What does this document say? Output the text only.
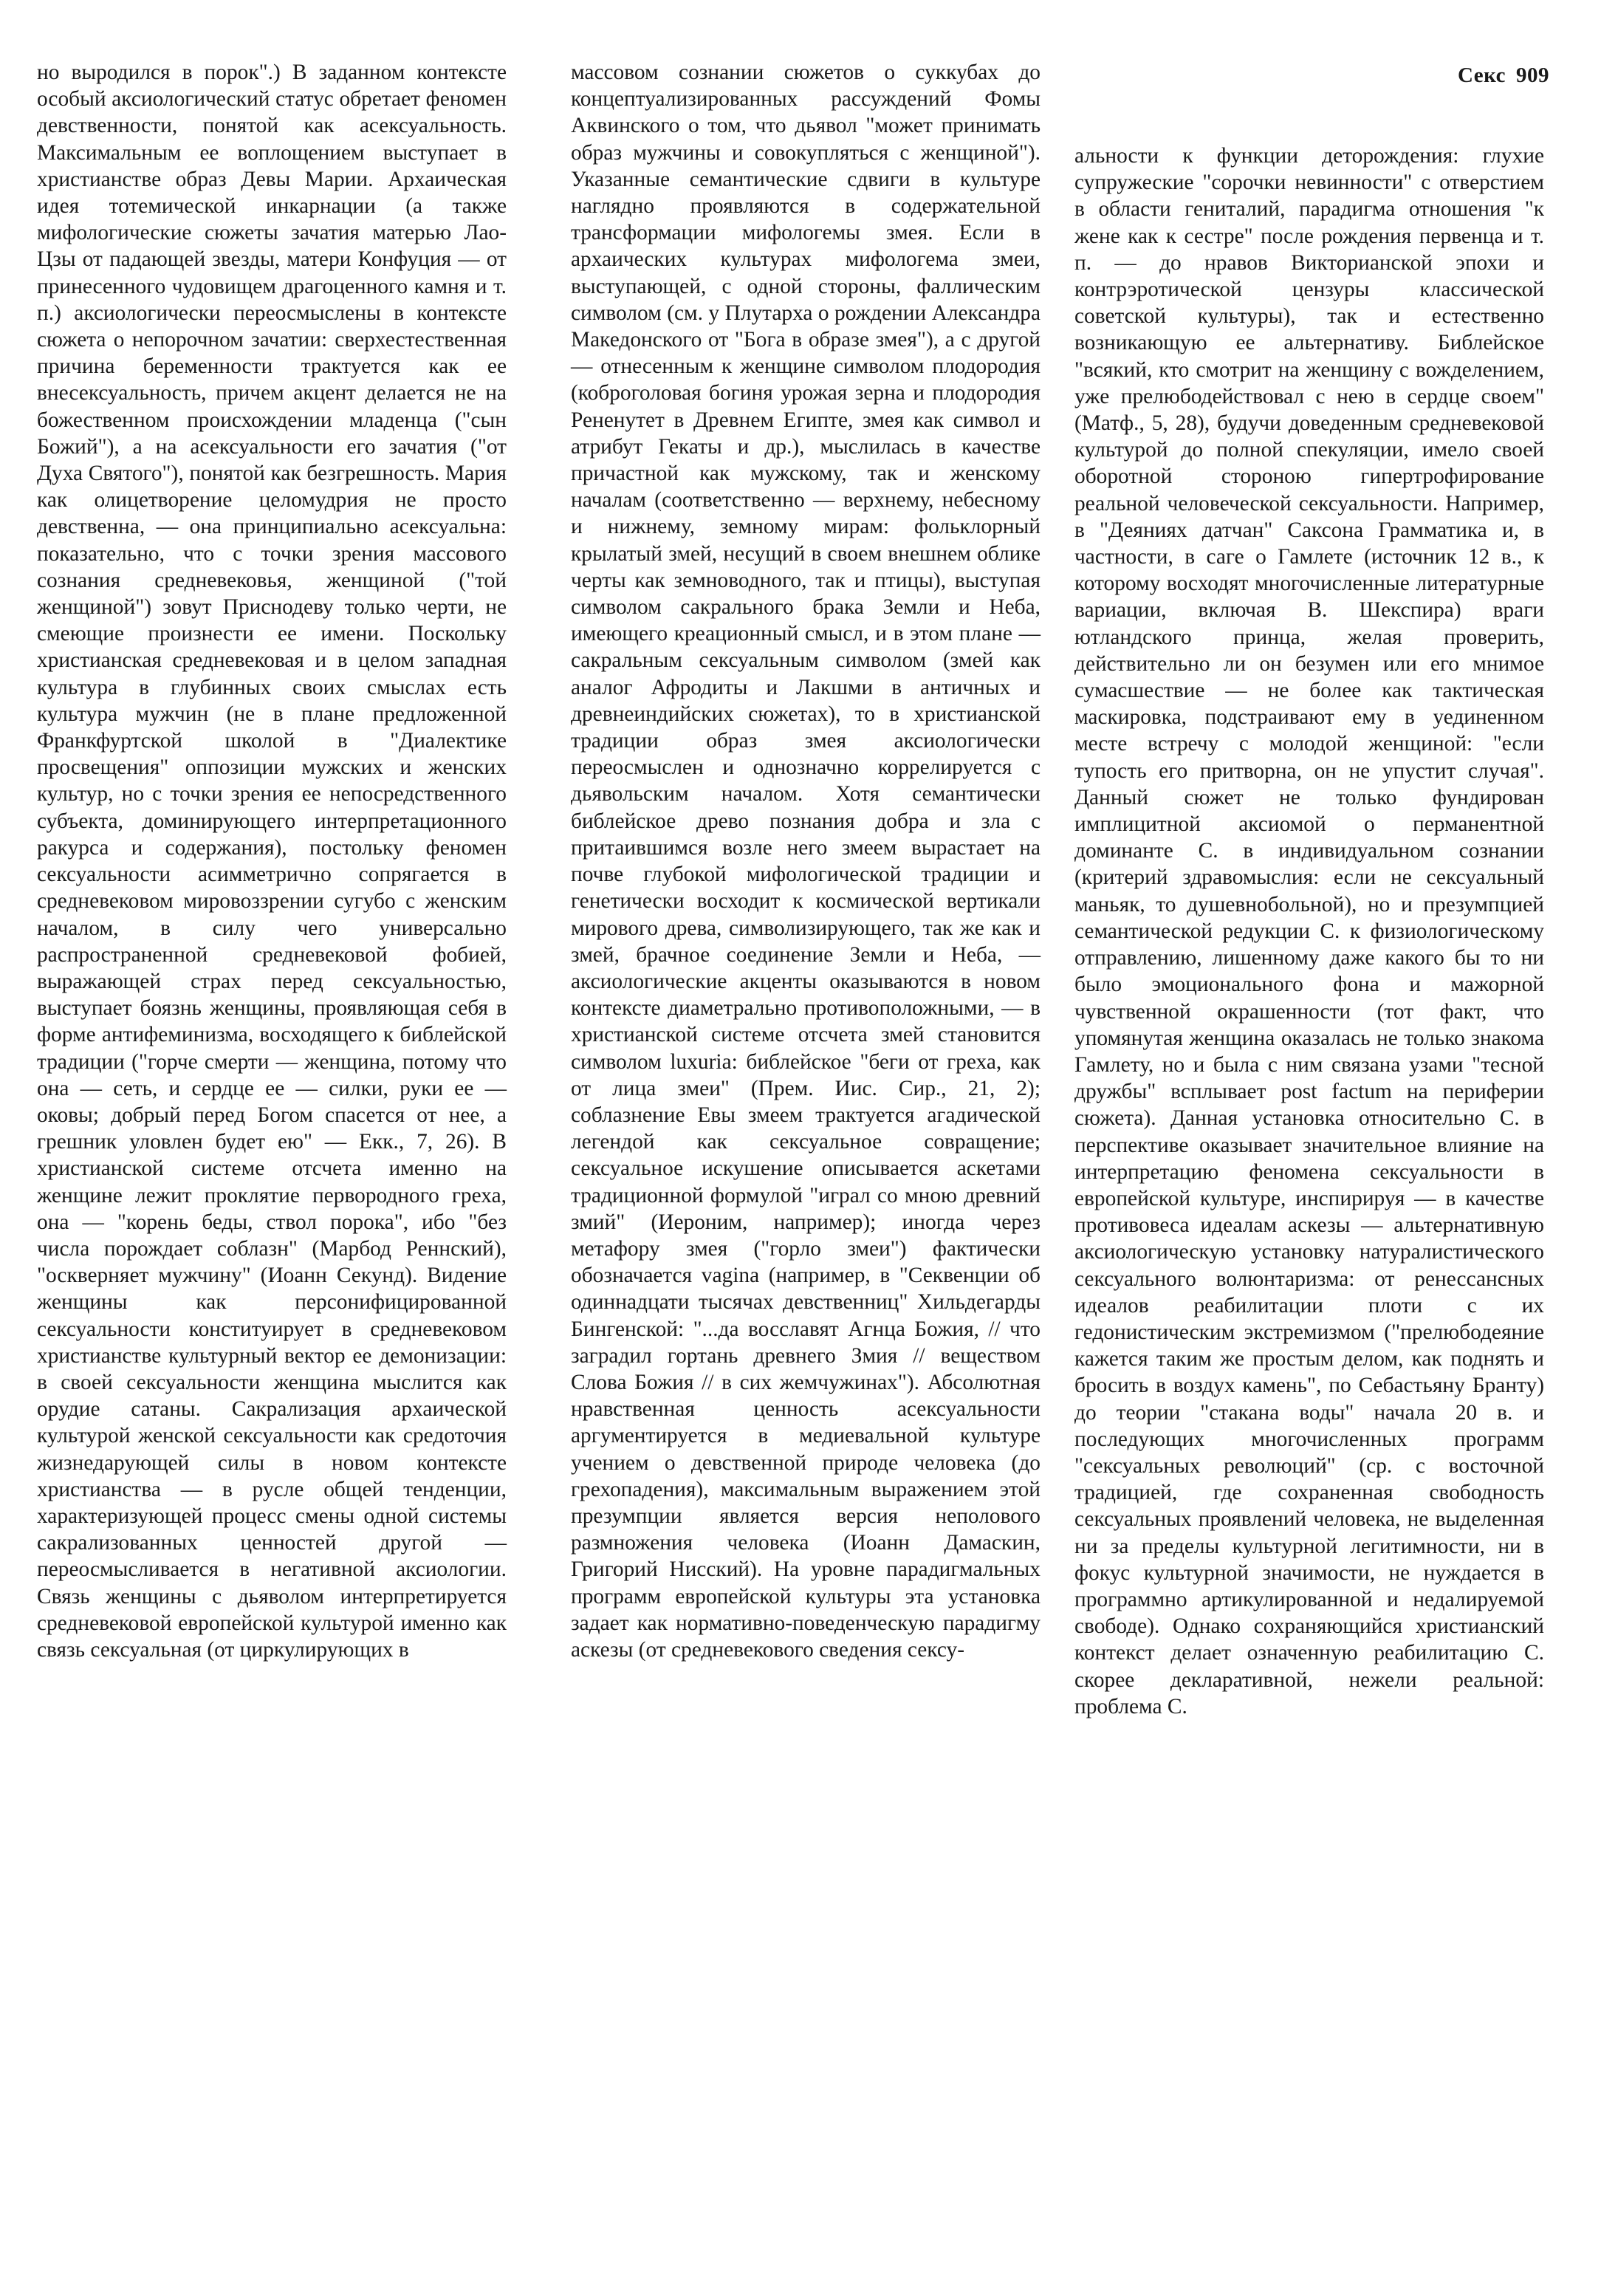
Секс 909

но выродился в порок".) В заданном контексте особый аксиологический статус обретает феномен девственности, понятой как асексуальность. Максимальным ее воплощением выступает в христианстве образ Девы Марии. Архаическая идея тотемической инкарнации (а также мифологические сюжеты зачатия матерью Лао-Цзы от падающей звезды, матери Конфуция — от принесенного чудовищем драгоценного камня и т. п.) аксиологически переосмыслены в контексте сюжета о непорочном зачатии: сверхестественная причина беременности трактуется как ее внесексуальность, причем акцент делается не на божественном происхождении младенца ("сын Божий"), а на асексуальности его зачатия ("от Духа Святого"), понятой как безгрешность. Мария как олицетворение целомудрия не просто девственна, — она принципиально асексуальна: показательно, что с точки зрения массового сознания средневековья, женщиной ("той женщиной") зовут Приснодеву только черти, не смеющие произнести ее имени. Поскольку христианская средневековая и в целом западная культура в глубинных своих смыслах есть культура мужчин (не в плане предложенной Франкфуртской школой в "Диалектике просвещения" оппозиции мужских и женских культур, но с точки зрения ее непосредственного субъекта, доминирующего интерпретационного ракурса и содержания), постольку феномен сексуальности асимметрично сопрягается в средневековом мировоззрении сугубо с женским началом, в силу чего универсально распространенной средневековой фобией, выражающей страх перед сексуальностью, выступает боязнь женщины, проявляющая себя в форме антифеминизма, восходящего к библейской традиции ("горче смерти — женщина, потому что она — сеть, и сердце ее — силки, руки ее — оковы; добрый перед Богом спасется от нее, а грешник уловлен будет ею" — Екк., 7, 26). В христианской системе отсчета именно на женщине лежит проклятие первородного греха, она — "корень беды, ствол порока", ибо "без числа порождает соблазн" (Марбод Реннский), "оскверняет мужчину" (Иоанн Секунд). Видение женщины как персонифицированной сексуальности конституирует в средневековом христианстве культурный вектор ее демонизации: в своей сексуальности женщина мыслится как орудие сатаны. Сакрализация архаической культурой женской сексуальности как средоточия жизнедарующей силы в новом контексте христианства — в русле общей тенденции, характеризующей процесс смены одной системы сакрализованных ценностей другой — переосмысливается в негативной аксиологии. Связь женщины с дьяволом интерпретируется средневековой европейской культурой именно как связь сексуальная (от циркулирующих в

массовом сознании сюжетов о суккубах до концептуализированных рассуждений Фомы Аквинского о том, что дьявол "может принимать образ мужчины и совокупляться с женщиной"). Указанные семантические сдвиги в культуре наглядно проявляются в содержательной трансформации мифологемы змея. Если в архаических культурах мифологема змеи, выступающей, с одной стороны, фаллическим символом (см. у Плутарха о рождении Александра Македонского от "Бога в образе змея"), а с другой — отнесенным к женщине символом плодородия (коброголовая богиня урожая зерна и плодородия Рененутет в Древнем Египте, змея как символ и атрибут Гекаты и др.), мыслилась в качестве причастной как мужскому, так и женскому началам (соответственно — верхнему, небесному и нижнему, земному мирам: фольклорный крылатый змей, несущий в своем внешнем облике черты как земноводного, так и птицы), выступая символом сакрального брака Земли и Неба, имеющего креационный смысл, и в этом плане — сакральным сексуальным символом (змей как аналог Афродиты и Лакшми в античных и древнеиндийских сюжетах), то в христианской традиции образ змея аксиологически переосмыслен и однозначно коррелируется с дьявольским началом. Хотя семантически библейское древо познания добра и зла с притаившимся возле него змеем вырастает на почве глубокой мифологической традиции и генетически восходит к космической вертикали мирового древа, символизирующего, так же как и змей, брачное соединение Земли и Неба, — аксиологические акценты оказываются в новом контексте диаметрально противоположными, — в христианской системе отсчета змей становится символом luxuria: библейское "беги от греха, как от лица змеи" (Прем. Иис. Сир., 21, 2); соблазнение Евы змеем трактуется агадической легендой как сексуальное совращение; сексуальное искушение описывается аскетами традиционной формулой "играл со мною древний змий" (Иероним, например); иногда через метафору змея ("горло змеи") фактически обозначается vagina (например, в "Секвенции об одиннадцати тысячах девственниц" Хильдегарды Бингенской: "...да восславят Агнца Божия, // что заградил гортань древнего Змия // веществом Слова Божия // в сих жемчужинах"). Абсолютная нравственная ценность асексуальности аргументируется в медиевальной культуре учением о девственной природе человека (до грехопадения), максимальным выражением этой презумпции является версия неполового размножения человека (Иоанн Дамаскин, Григорий Нисский). На уровне парадигмальных программ европейской культуры эта установка задает как нормативно-поведенческую парадигму аскезы (от средневекового сведения сексу-

альности к функции деторождения: глухие супружеские "сорочки невинности" с отверстием в области гениталий, парадигма отношения "к жене как к сестре" после рождения первенца и т. п. — до нравов Викторианской эпохи и контрэротической цензуры классической советской культуры), так и естественно возникающую ее альтернативу. Библейское "всякий, кто смотрит на женщину с вожделением, уже прелюбодействовал с нею в сердце своем" (Матф., 5, 28), будучи доведенным средневековой культурой до полной спекуляции, имело своей оборотной стороною гипертрофирование реальной человеческой сексуальности. Например, в "Деяниях датчан" Саксона Грамматика и, в частности, в саге о Гамлете (источник 12 в., к которому восходят многочисленные литературные вариации, включая В. Шекспира) враги ютландского принца, желая проверить, действительно ли он безумен или его мнимое сумасшествие — не более как тактическая маскировка, подстраивают ему в уединенном месте встречу с молодой женщиной: "если тупость его притворна, он не упустит случая". Данный сюжет не только фундирован имплицитной аксиомой о перманентной доминанте С. в индивидуальном сознании (критерий здравомыслия: если не сексуальный маньяк, то душевнобольной), но и презумпцией семантической редукции С. к физиологическому отправлению, лишенному даже какого бы то ни было эмоционального фона и мажорной чувственной окрашенности (тот факт, что упомянутая женщина оказалась не только знакома Гамлету, но и была с ним связана узами "тесной дружбы" всплывает post factum на периферии сюжета). Данная установка относительно С. в перспективе оказывает значительное влияние на интерпретацию феномена сексуальности в европейской культуре, инспирируя — в качестве противовеса идеалам аскезы — альтернативную аксиологическую установку натуралистического сексуального волюнтаризма: от ренессансных идеалов реабилитации плоти с их гедонистическим экстремизмом ("прелюбодеяние кажется таким же простым делом, как поднять и бросить в воздух камень", по Себастьяну Бранту) до теории "стакана воды" начала 20 в. и последующих многочисленных программ "сексуальных революций" (ср. с восточной традицией, где сохраненная свободность сексуальных проявлений человека, не выделенная ни за пределы культурной легитимности, ни в фокус культурной значимости, не нуждается в программно артикулированной и недалируемой свободе). Однако сохраняющийся христианский контекст делает означенную реабилитацию С. скорее декларативной, нежели реальной: проблема С.
